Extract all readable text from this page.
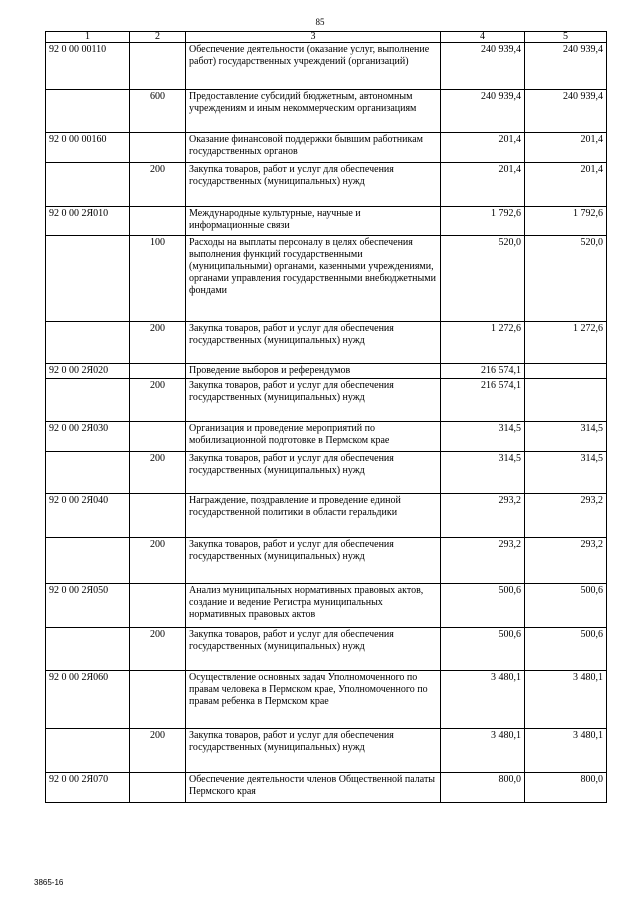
85
1	2	3	4	5
92 0 00 00110		Обеспечение деятельности (оказание услуг, выполнение работ) государственных учреждений (организаций)	240 939,4	240 939,4
	600	Предоставление субсидий бюджетным, автономным учреждениям и иным некоммерческим организациям	240 939,4	240 939,4
92 0 00 00160		Оказание финансовой поддержки бывшим работникам государственных органов	201,4	201,4
	200	Закупка товаров, работ и услуг для обеспечения государственных (муниципальных) нужд	201,4	201,4
92 0 00 2Я010		Международные культурные, научные и информационные связи	1 792,6	1 792,6
	100	Расходы на выплаты персоналу в целях обеспечения выполнения функций государственными (муниципальными) органами, казенными учреждениями, органами управления государственными внебюджетными фондами	520,0	520,0
	200	Закупка товаров, работ и услуг для обеспечения государственных (муниципальных) нужд	1 272,6	1 272,6
92 0 00 2Я020		Проведение выборов и референдумов	216 574,1	
	200	Закупка товаров, работ и услуг для обеспечения государственных (муниципальных) нужд	216 574,1	
92 0 00 2Я030		Организация и проведение мероприятий по мобилизационной подготовке в Пермском крае	314,5	314,5
	200	Закупка товаров, работ и услуг для обеспечения государственных (муниципальных) нужд	314,5	314,5
92 0 00 2Я040		Награждение, поздравление и проведение единой государственной политики в области геральдики	293,2	293,2
	200	Закупка товаров, работ и услуг для обеспечения государственных (муниципальных) нужд	293,2	293,2
92 0 00 2Я050		Анализ муниципальных нормативных правовых актов, создание и ведение Регистра муниципальных нормативных правовых актов	500,6	500,6
	200	Закупка товаров, работ и услуг для обеспечения государственных (муниципальных) нужд	500,6	500,6
92 0 00 2Я060		Осуществление основных задач Уполномоченного по правам человека в Пермском крае, Уполномоченного по правам ребенка в Пермском крае	3 480,1	3 480,1
	200	Закупка товаров, работ и услуг для обеспечения государственных (муниципальных) нужд	3 480,1	3 480,1
92 0 00 2Я070		Обеспечение деятельности членов Общественной палаты Пермского края	800,0	800,0
3865-16
